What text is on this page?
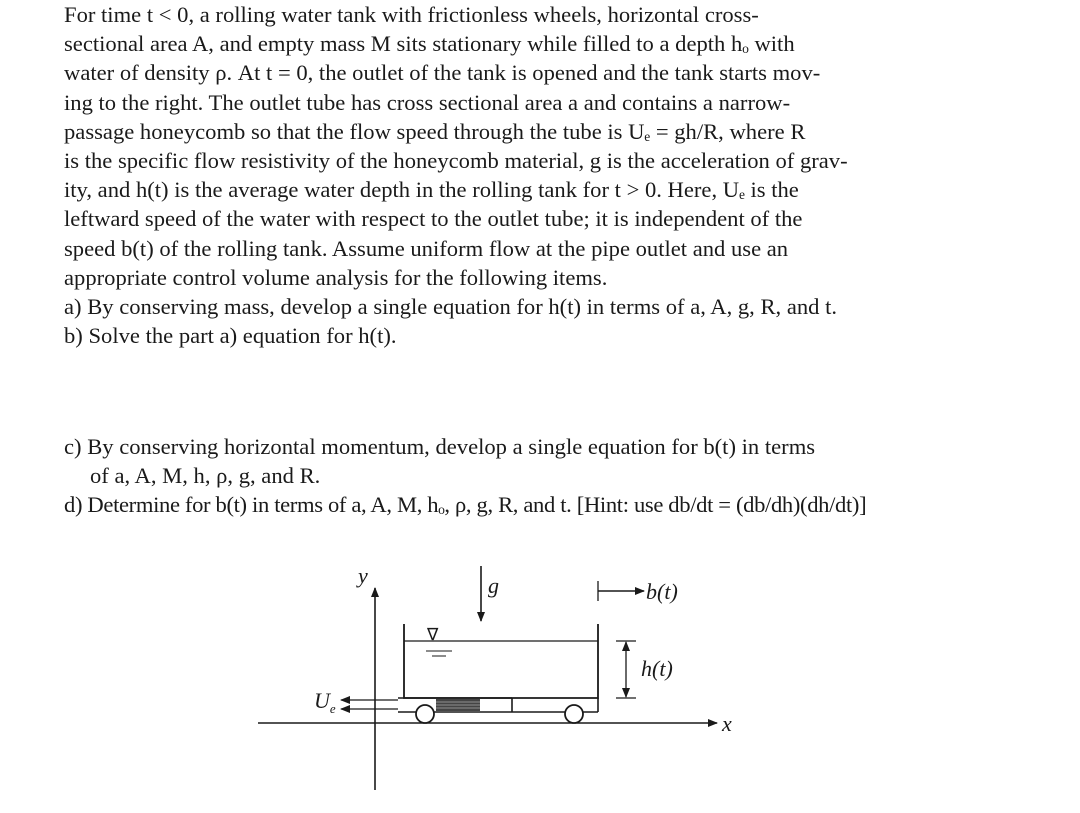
For time t < 0, a rolling water tank with frictionless wheels, horizontal cross-
sectional area A, and empty mass M sits stationary while filled to a depth hₒ with
water of density ρ. At t = 0, the outlet of the tank is opened and the tank starts mov-
ing to the right. The outlet tube has cross sectional area a and contains a narrow-
passage honeycomb so that the flow speed through the tube is Uₑ = gh/R, where R
is the specific flow resistivity of the honeycomb material, g is the acceleration of grav-
ity, and h(t) is the average water depth in the rolling tank for t > 0. Here, Uₑ is the
leftward speed of the water with respect to the outlet tube; it is independent of the
speed b(t) of the rolling tank. Assume uniform flow at the pipe outlet and use an
appropriate control volume analysis for the following items.
a) By conserving mass, develop a single equation for h(t) in terms of a, A, g, R, and t.
b) Solve the part a) equation for h(t).
c) By conserving horizontal momentum, develop a single equation for b(t) in terms
of a, A, M, h, ρ, g, and R.
d) Determine for b(t) in terms of a, A, M, hₒ, ρ, g, R, and t. [Hint: use db/dt = (db/dh)(dh/dt)]
y
x
∇
$U_e$
g	b(t)
h(t)
